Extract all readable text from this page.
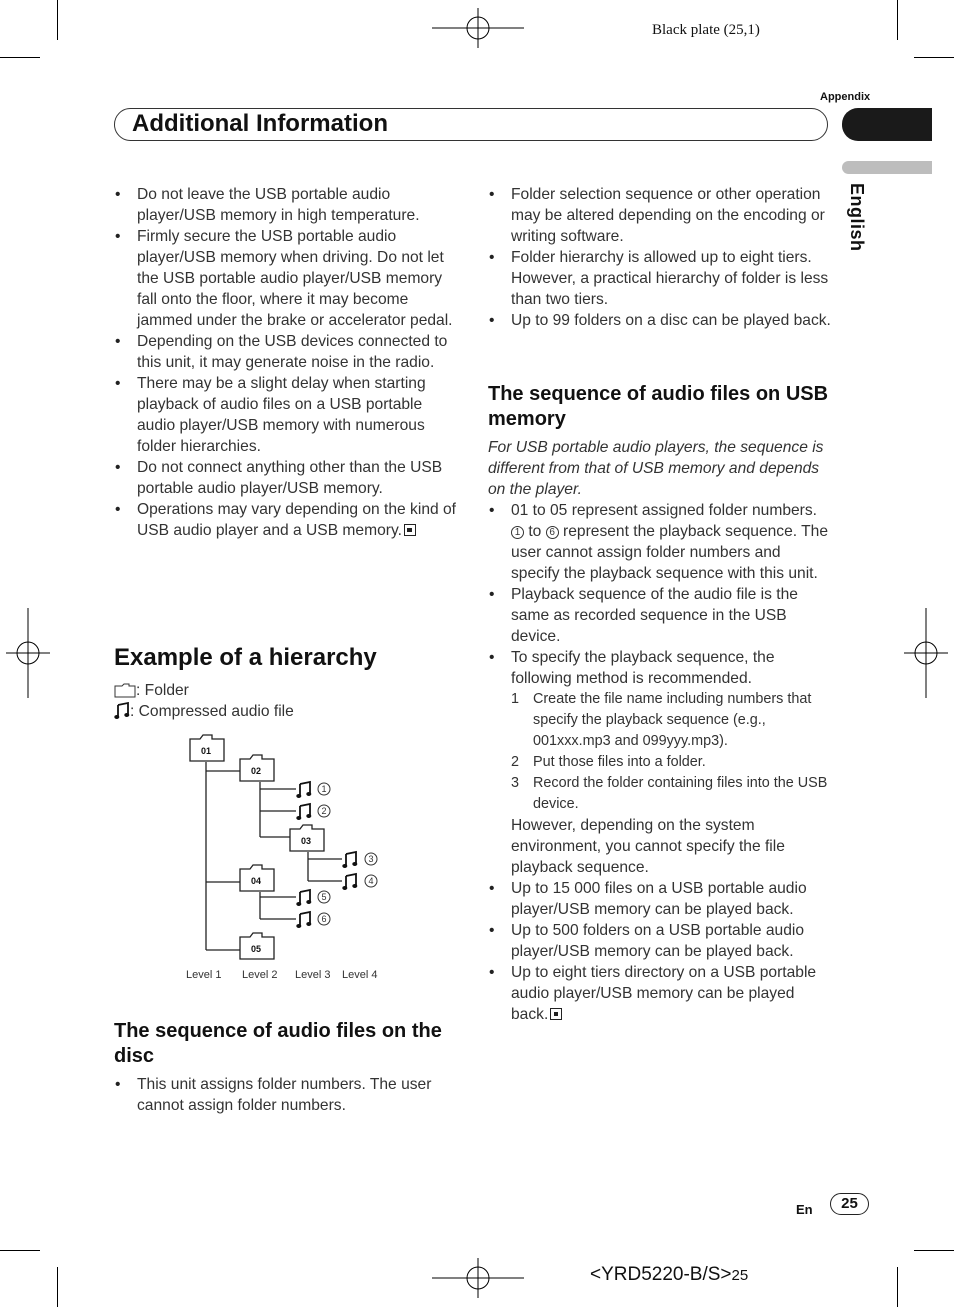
Black plate (25,1)
Appendix
Additional Information
English
• Do not leave the USB portable audio player/USB memory in high temperature.
• Firmly secure the USB portable audio player/USB memory when driving. Do not let the USB portable audio player/USB memory fall onto the floor, where it may become jammed under the brake or accelerator pedal.
• Depending on the USB devices connected to this unit, it may generate noise in the radio.
• There may be a slight delay when starting playback of audio files on a USB portable audio player/USB memory with numerous folder hierarchies.
• Do not connect anything other than the USB portable audio player/USB memory.
• Operations may vary depending on the kind of USB audio player and a USB memory.
Example of a hierarchy
: Folder
: Compressed audio file
01
02
03
04
05
1
2
3
4
5
6
Level 1 Level 2 Level 3 Level 4
The sequence of audio files on the disc
• This unit assigns folder numbers. The user cannot assign folder numbers.
• Folder selection sequence or other operation may be altered depending on the encoding or writing software.
• Folder hierarchy is allowed up to eight tiers. However, a practical hierarchy of folder is less than two tiers.
• Up to 99 folders on a disc can be played back.
The sequence of audio files on USB memory
For USB portable audio players, the sequence is different from that of USB memory and depends on the player.
• 01 to 05 represent assigned folder numbers. 1 to 6 represent the playback sequence. The user cannot assign folder numbers and specify the playback sequence with this unit.
• Playback sequence of the audio file is the same as recorded sequence in the USB device.
• To specify the playback sequence, the following method is recommended.
1 Create the file name including numbers that specify the playback sequence (e.g., 001xxx.mp3 and 099yyy.mp3).
2 Put those files into a folder.
3 Record the folder containing files into the USB device.
However, depending on the system environment, you cannot specify the file playback sequence.
• Up to 15 000 files on a USB portable audio player/USB memory can be played back.
• Up to 500 folders on a USB portable audio player/USB memory can be played back.
• Up to eight tiers directory on a USB portable audio player/USB memory can be played back.
En	25
<YRD5220-B/S>25
